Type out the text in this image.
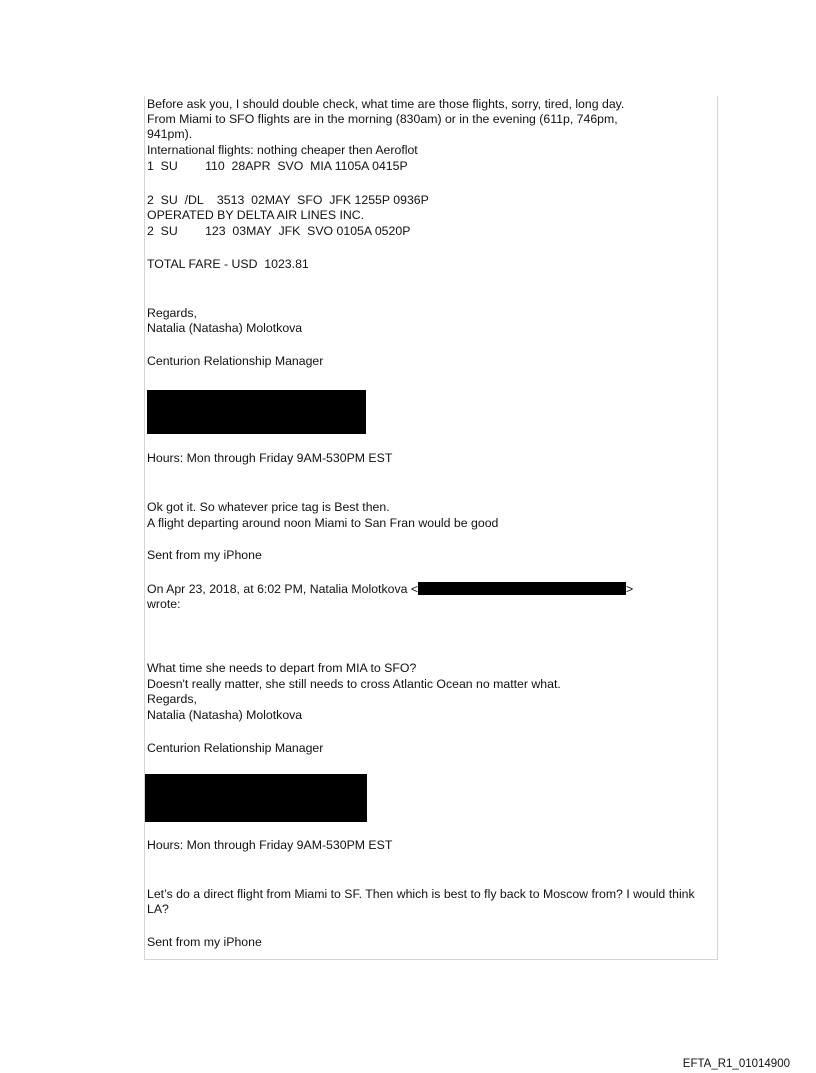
Before ask you, I should double check, what time are those flights, sorry, tired, long day.

From Miami to SFO flights are in the morning (830am) or in the evening (611p, 746pm,

941pm).

International flights: nothing cheaper then Aeroflot

1  SU        110  28APR  SVO  MIA 1105A 0415P

2  SU  /DL    3513  02MAY  SFO  JFK 1255P 0936P

OPERATED BY DELTA AIR LINES INC.

2  SU        123  03MAY  JFK  SVO 0105A 0520P

TOTAL FARE - USD  1023.81

Regards,

Natalia (Natasha) Molotkova

Centurion Relationship Manager

Hours: Mon through Friday 9AM-530PM EST

Ok got it. So whatever price tag is Best then.

A flight departing around noon Miami to San Fran would be good

Sent from my iPhone

On Apr 23, 2018, at 6:02 PM, Natalia Molotkova <	>

wrote:

What time she needs to depart from MIA to SFO?

Doesn't really matter, she still needs to cross Atlantic Ocean no matter what.

Regards,

Natalia (Natasha) Molotkova

Centurion Relationship Manager

Hours: Mon through Friday 9AM-530PM EST

Let’s do a direct flight from Miami to SF. Then which is best to fly back to Moscow from? I would think LA?

Sent from my iPhone

EFTA_R1_01014900
